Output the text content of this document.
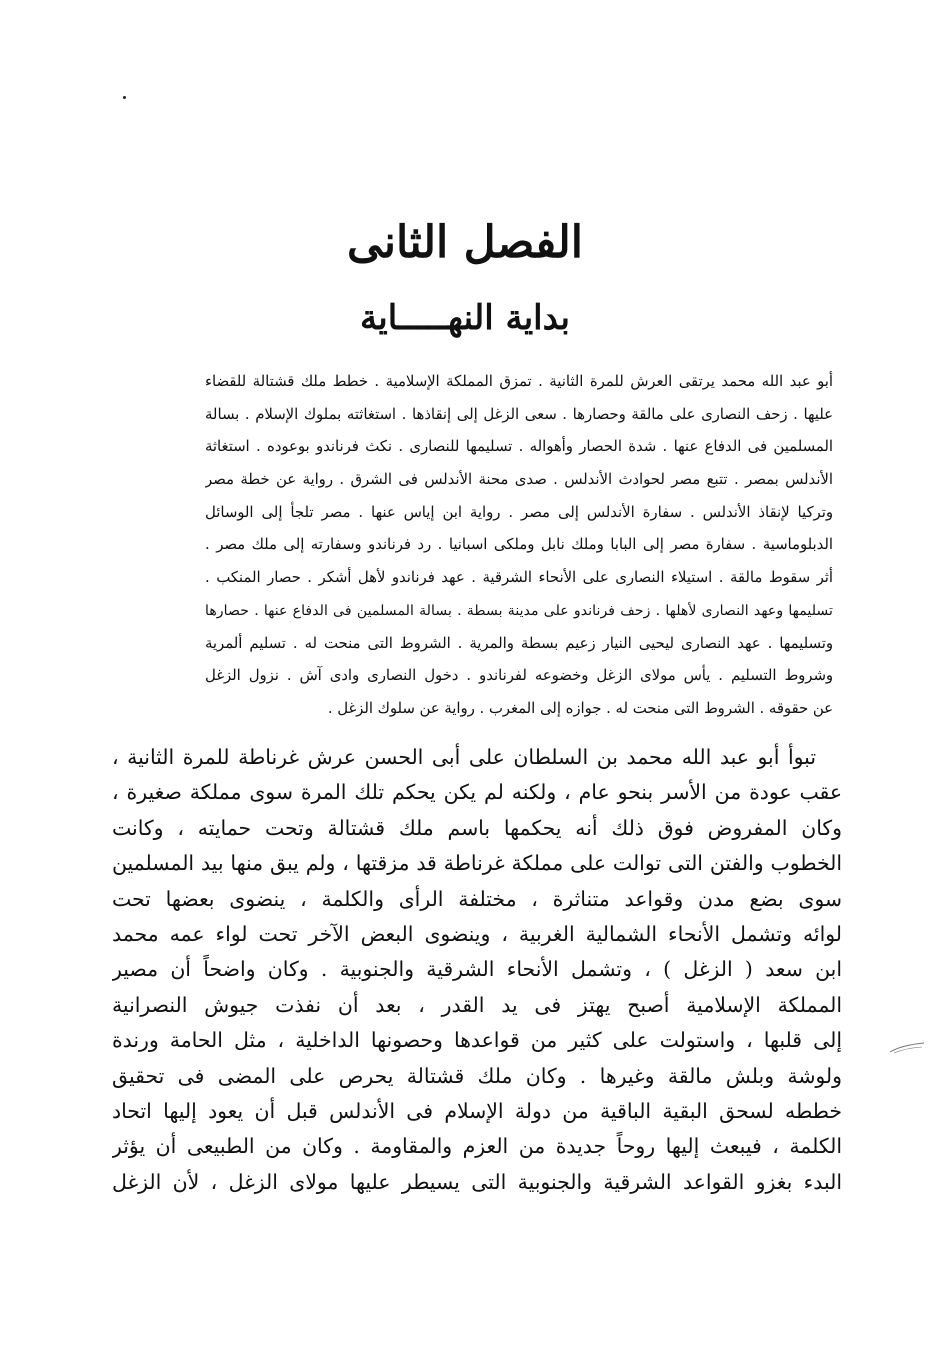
الفصل الثانى
بداية النهـــــاية
أبو عبد الله محمد يرتقى العرش للمرة الثانية . تمزق المملكة الإسلامية . خطط ملك قشتالة للقضاء
عليها . زحف النصارى على مالقة وحصارها . سعى الزغل إلى إنقاذها . استغاثته بملوك الإسلام . بسالة
المسلمين فى الدفاع عنها . شدة الحصار وأهواله . تسليمها للنصارى . نكث فرناندو بوعوده . استغاثة
الأندلس بمصر . تتبع مصر لحوادث الأندلس . صدى محنة الأندلس فى الشرق . رواية عن خطة مصر
وتركيا لإنقاذ الأندلس . سفارة الأندلس إلى مصر . رواية ابن إياس عنها . مصر تلجأ إلى الوسائل
الدبلوماسية . سفارة مصر إلى البابا وملك نابل وملكى اسبانيا . رد فرناندو وسفارته إلى ملك مصر .
أثر سقوط مالقة . استيلاء النصارى على الأنحاء الشرقية . عهد فرناندو لأهل أشكر . حصار المنكب .
تسليمها وعهد النصارى لأهلها . زحف فرناندو على مدينة بسطة . بسالة المسلمين فى الدفاع عنها . حصارها
وتسليمها . عهد النصارى ليحيى النيار زعيم بسطة والمرية . الشروط التى منحت له . تسليم ألمرية
وشروط التسليم . يأس مولاى الزغل وخضوعه لفرناندو . دخول النصارى وادى آش . نزول الزغل
عن حقوقه . الشروط التى منحت له . جوازه إلى المغرب . رواية عن سلوك الزغل .
تبوأ أبو عبد الله محمد بن السلطان على أبى الحسن عرش غرناطة للمرة الثانية ،
عقب عودة من الأسر بنحو عام ، ولكنه لم يكن يحكم تلك المرة سوى مملكة صغيرة ،
وكان المفروض فوق ذلك أنه يحكمها باسم ملك قشتالة وتحت حمايته ، وكانت
الخطوب والفتن التى توالت على مملكة غرناطة قد مزقتها ، ولم يبق منها بيد المسلمين
سوى بضع مدن وقواعد متناثرة ، مختلفة الرأى والكلمة ، ينضوى بعضها تحت
لوائه وتشمل الأنحاء الشمالية الغربية ، وينضوى البعض الآخر تحت لواء عمه محمد
ابن سعد ( الزغل ) ، وتشمل الأنحاء الشرقية والجنوبية . وكان واضحاً أن مصير
المملكة الإسلامية أصبح يهتز فى يد القدر ، بعد أن نفذت جيوش النصرانية
إلى قلبها ، واستولت على كثير من قواعدها وحصونها الداخلية ، مثل الحامة ورندة
ولوشة وبلش مالقة وغيرها . وكان ملك قشتالة يحرص على المضى فى تحقيق
خططه لسحق البقية الباقية من دولة الإسلام فى الأندلس قبل أن يعود إليها اتحاد
الكلمة ، فيبعث إليها روحاً جديدة من العزم والمقاومة . وكان من الطبيعى أن يؤثر
البدء بغزو القواعد الشرقية والجنوبية التى يسيطر عليها مولاى الزغل ، لأن الزغل
